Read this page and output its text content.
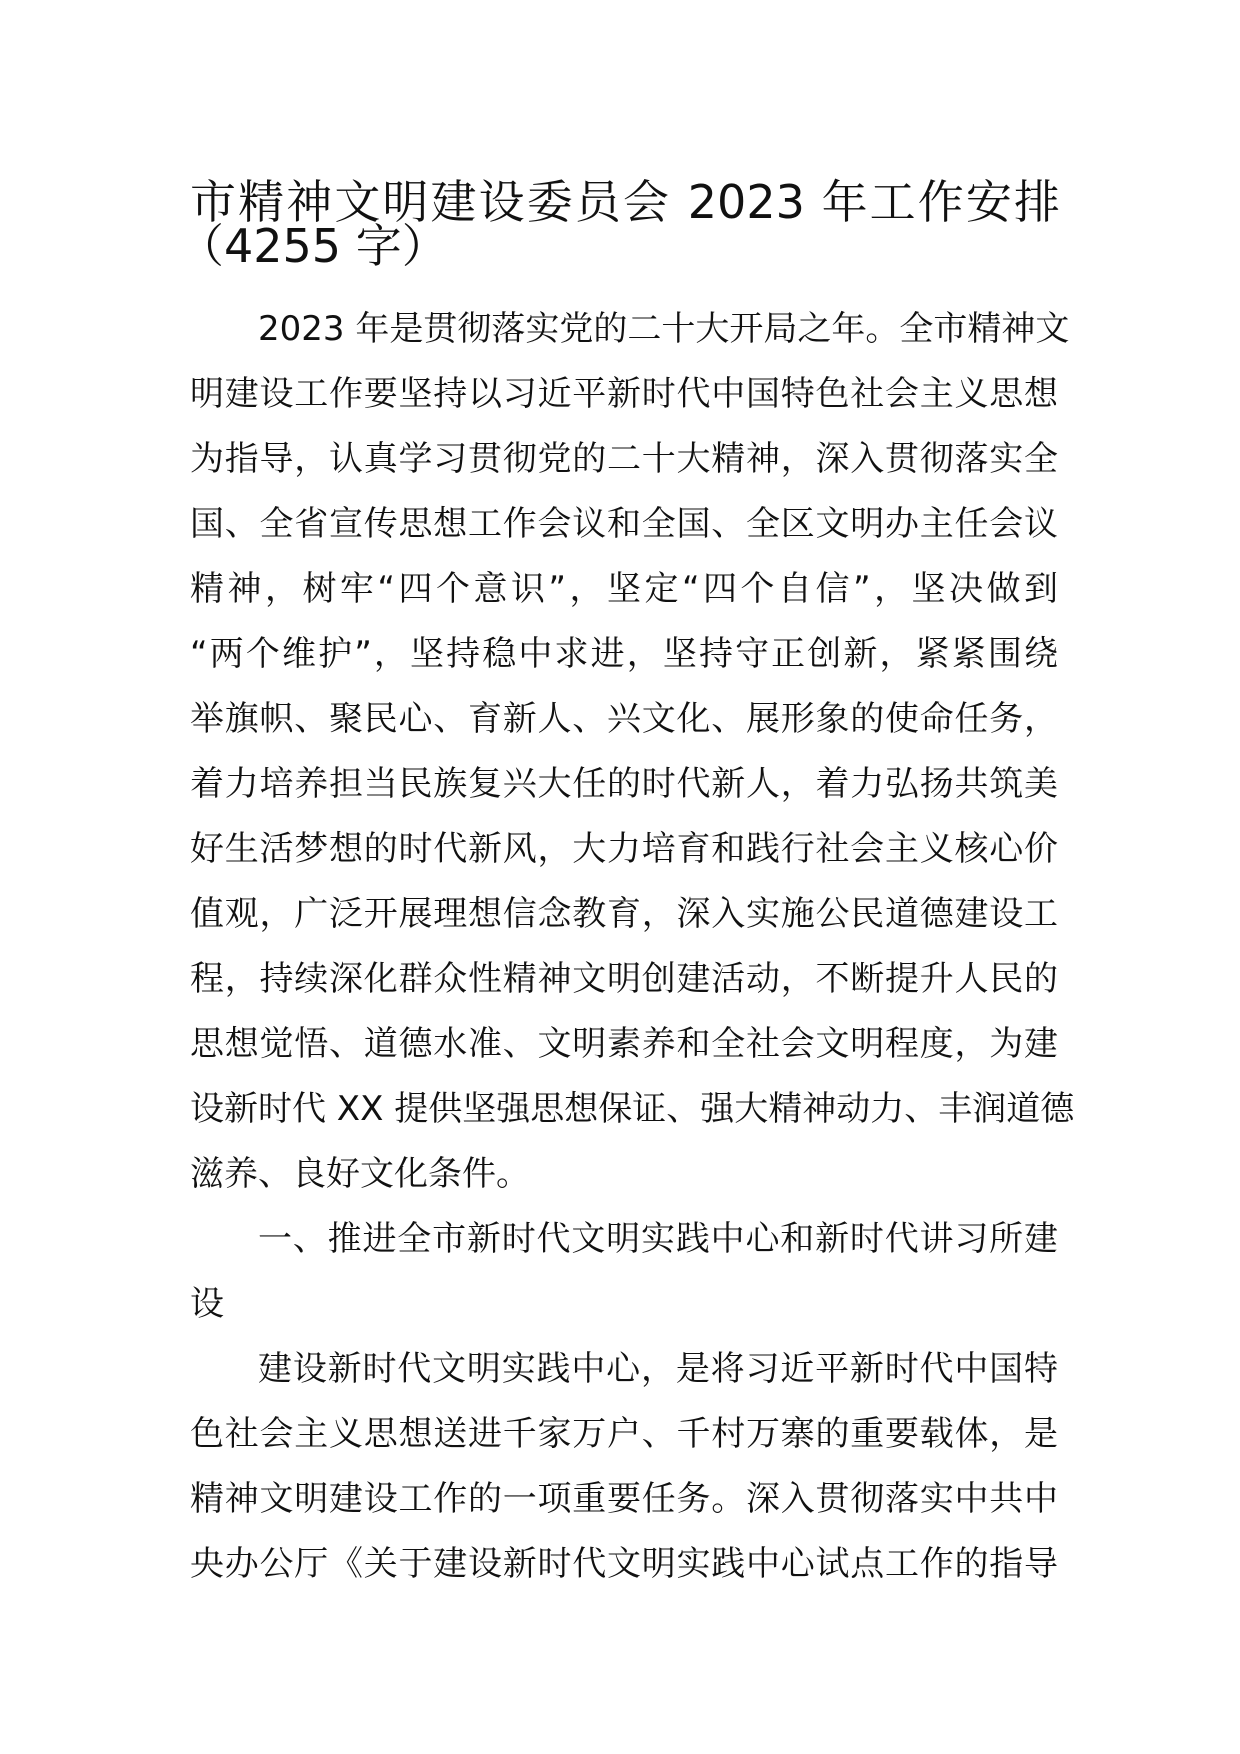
市精神文明建设委员会 2023 年工作安排
（4255 字）
2023 年是贯彻落实党的二十大开局之年。全市精神文
明建设工作要坚持以习近平新时代中国特色社会主义思想
为指导，认真学习贯彻党的二十大精神，深入贯彻落实全
国、全省宣传思想工作会议和全国、全区文明办主任会议
精神，树牢“四个意识”，坚定“四个自信”，坚决做到
“两个维护”，坚持稳中求进，坚持守正创新，紧紧围绕
举旗帜、聚民心、育新人、兴文化、展形象的使命任务，
着力培养担当民族复兴大任的时代新人，着力弘扬共筑美
好生活梦想的时代新风，大力培育和践行社会主义核心价
值观，广泛开展理想信念教育，深入实施公民道德建设工
程，持续深化群众性精神文明创建活动，不断提升人民的
思想觉悟、道德水准、文明素养和全社会文明程度，为建
设新时代 XX 提供坚强思想保证、强大精神动力、丰润道德
滋养、良好文化条件。
一、推进全市新时代文明实践中心和新时代讲习所建
设
建设新时代文明实践中心，是将习近平新时代中国特
色社会主义思想送进千家万户、千村万寨的重要载体，是
精神文明建设工作的一项重要任务。深入贯彻落实中共中
央办公厅《关于建设新时代文明实践中心试点工作的指导
